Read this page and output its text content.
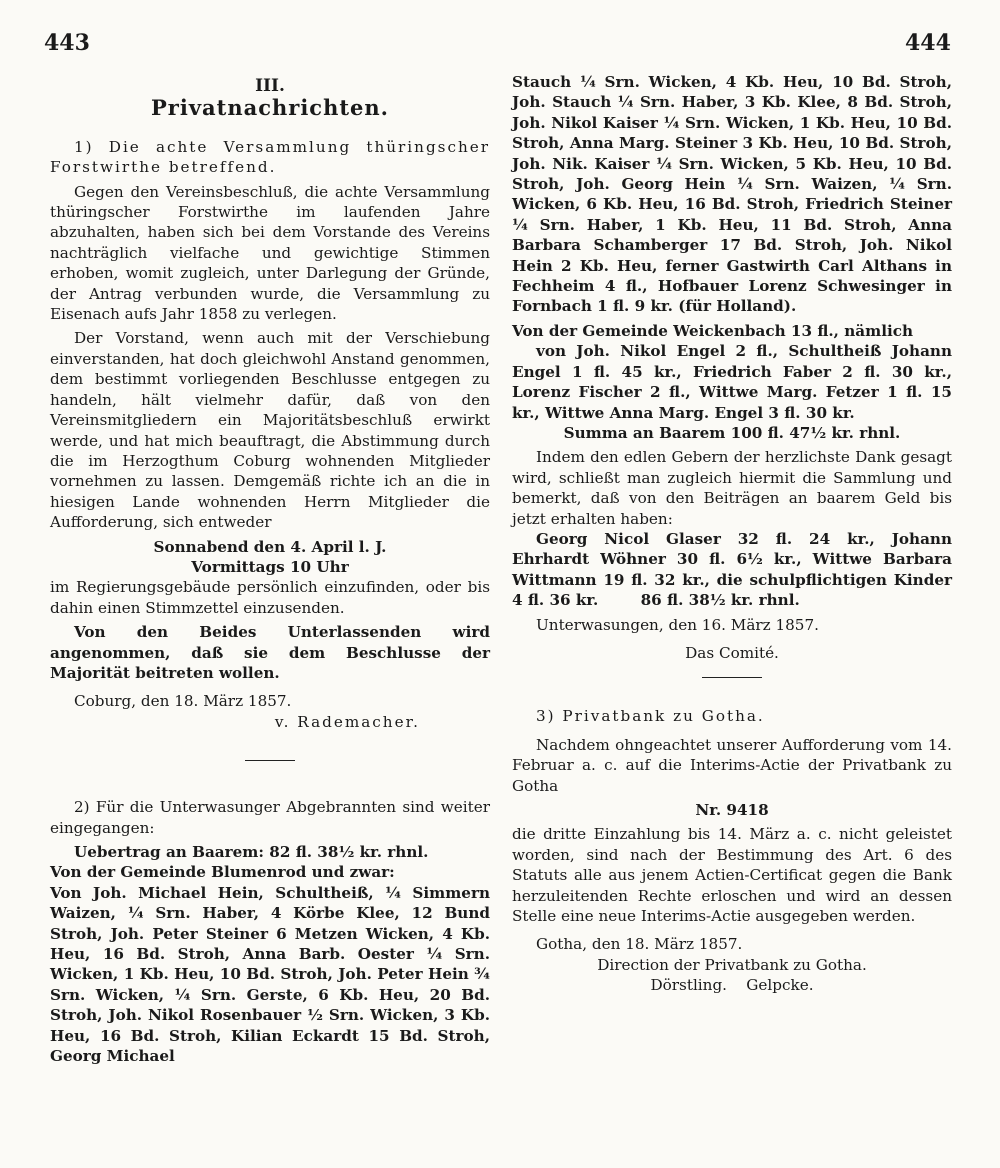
443	444
III.
Privatnachrichten.

1) Die achte Versammlung thüringscher Forstwirthe betreffend.

Gegen den Vereinsbeschluß, die achte Versammlung thüringscher Forstwirthe im laufenden Jahre abzuhalten, haben sich bei dem Vorstande des Vereins nachträglich vielfache und gewichtige Stimmen erhoben, womit zugleich, unter Darlegung der Gründe, der Antrag verbunden wurde, die Versammlung zu Eisenach aufs Jahr 1858 zu verlegen.

Der Vorstand, wenn auch mit der Verschiebung einverstanden, hat doch gleichwohl Anstand genommen, dem bestimmt vorliegenden Beschlusse entgegen zu handeln, hält vielmehr dafür, daß von den Vereinsmitgliedern ein Majoritätsbeschluß erwirkt werde, und hat mich beauftragt, die Abstimmung durch die im Herzogthum Coburg wohnenden Mitglieder vornehmen zu lassen. Demgemäß richte ich an die in hiesigen Lande wohnenden Herrn Mitglieder die Aufforderung, sich entweder

Sonnabend den 4. April l. J.

Vormittags 10 Uhr

im Regierungsgebäude persönlich einzufinden, oder bis dahin einen Stimmzettel einzusenden.

Von den Beides Unterlassenden wird angenommen, daß sie dem Beschlusse der Majorität beitreten wollen.

Coburg, den 18. März 1857.

v. Rademacher.

2) Für die Unterwasunger Abgebrannten sind weiter eingegangen:

Uebertrag an Baarem: 82 fl. 38½ kr. rhnl.

Von der Gemeinde Blumenrod und zwar:

Von Joh. Michael Hein, Schultheiß, ¼ Simmern Waizen, ¼ Srn. Haber, 4 Körbe Klee, 12 Bund Stroh, Joh. Peter Steiner 6 Metzen Wicken, 4 Kb. Heu, 16 Bd. Stroh, Anna Barb. Oester ¼ Srn. Wicken, 1 Kb. Heu, 10 Bd. Stroh, Joh. Peter Hein ¾ Srn. Wicken, ¼ Srn. Gerste, 6 Kb. Heu, 20 Bd. Stroh, Joh. Nikol Rosenbauer ½ Srn. Wicken, 3 Kb. Heu, 16 Bd. Stroh, Kilian Eckardt 15 Bd. Stroh, Georg Michael

Stauch ¼ Srn. Wicken, 4 Kb. Heu, 10 Bd. Stroh, Joh. Stauch ¼ Srn. Haber, 3 Kb. Klee, 8 Bd. Stroh, Joh. Nikol Kaiser ¼ Srn. Wicken, 1 Kb. Heu, 10 Bd. Stroh, Anna Marg. Steiner 3 Kb. Heu, 10 Bd. Stroh, Joh. Nik. Kaiser ¼ Srn. Wicken, 5 Kb. Heu, 10 Bd. Stroh, Joh. Georg Hein ¼ Srn. Waizen, ¼ Srn. Wicken, 6 Kb. Heu, 16 Bd. Stroh, Friedrich Steiner ¼ Srn. Haber, 1 Kb. Heu, 11 Bd. Stroh, Anna Barbara Schamberger 17 Bd. Stroh, Joh. Nikol Hein 2 Kb. Heu, ferner Gastwirth Carl Althans in Fechheim 4 fl., Hofbauer Lorenz Schwesinger in Fornbach 1 fl. 9 kr. (für Holland).

Von der Gemeinde Weickenbach 13 fl., nämlich

von Joh. Nikol Engel 2 fl., Schultheiß Johann Engel 1 fl. 45 kr., Friedrich Faber 2 fl. 30 kr., Lorenz Fischer 2 fl., Wittwe Marg. Fetzer 1 fl. 15 kr., Wittwe Anna Marg. Engel 3 fl. 30 kr.

Summa an Baarem 100 fl. 47½ kr. rhnl.

Indem den edlen Gebern der herzlichste Dank gesagt wird, schließt man zugleich hiermit die Sammlung und bemerkt, daß von den Beiträgen an baarem Geld bis jetzt erhalten haben:

Georg Nicol Glaser 32 fl. 24 kr., Johann Ehrhardt Wöhner 30 fl. 6½ kr., Wittwe Barbara Wittmann 19 fl. 32 kr., die schulpflichtigen Kinder 4 fl. 36 kr.        86 fl. 38½ kr. rhnl.

Unterwasungen, den 16. März 1857.

Das Comité.

3) Privatbank zu Gotha.

Nachdem ohngeachtet unserer Aufforderung vom 14. Februar a. c. auf die Interims-Actie der Privatbank zu Gotha

Nr. 9418

die dritte Einzahlung bis 14. März a. c. nicht geleistet worden, sind nach der Bestimmung des Art. 6 des Statuts alle aus jenem Actien-Certificat gegen die Bank herzuleitenden Rechte erloschen und wird an dessen Stelle eine neue Interims-Actie ausgegeben werden.

Gotha, den 18. März 1857.

Direction der Privatbank zu Gotha.

Dörstling.    Gelpcke.
